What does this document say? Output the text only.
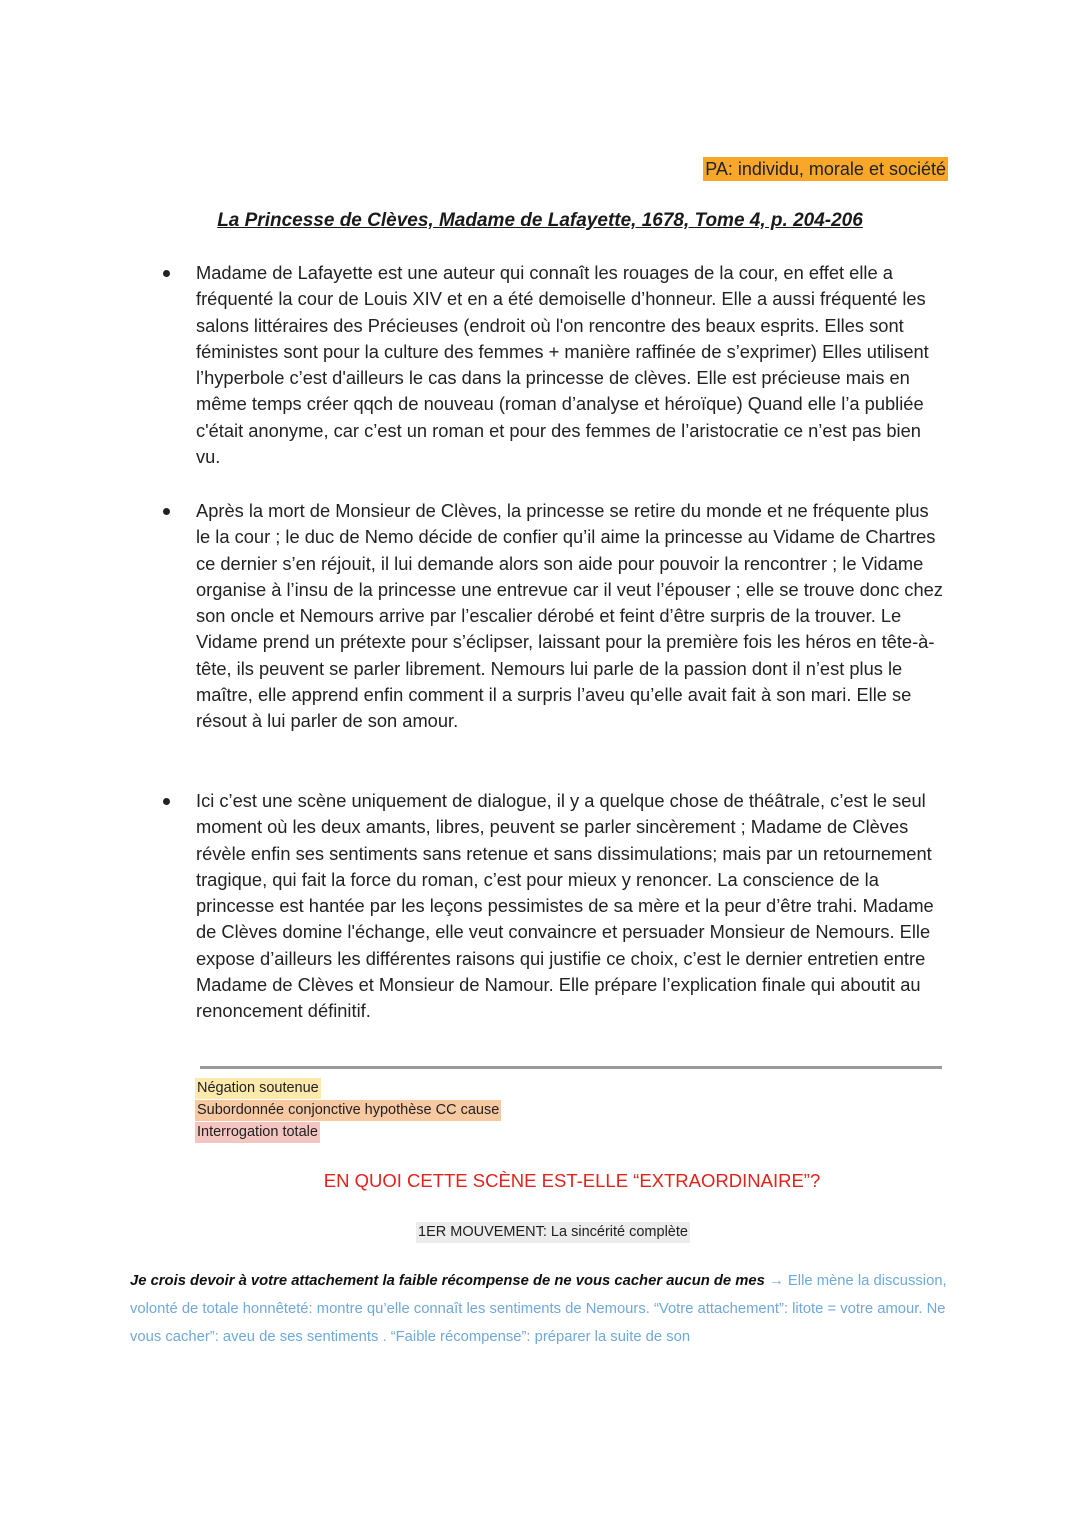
PA: individu, morale et société
La Princesse de Clèves, Madame de Lafayette, 1678, Tome 4, p. 204-206
Madame de Lafayette est une auteur qui connaît les rouages de la cour, en effet elle a fréquenté la cour de Louis XIV et en a été demoiselle d’honneur. Elle a aussi fréquenté les salons littéraires des Précieuses (endroit où l'on rencontre des beaux esprits. Elles sont féministes sont pour la culture des femmes + manière raffinée de s’exprimer) Elles utilisent l’hyperbole c’est d'ailleurs le cas dans la princesse de clèves. Elle est précieuse mais en même temps créer qqch de nouveau (roman d’analyse et héroïque) Quand elle l’a publiée c'était anonyme, car c’est un roman et pour des femmes de l’aristocratie ce n’est pas bien vu.
Après la mort de Monsieur de Clèves, la princesse se retire du monde et ne fréquente plus le la cour ; le duc de Nemo décide de confier qu’il aime la princesse au Vidame de Chartres ce dernier s’en réjouit, il lui demande alors son aide pour pouvoir la rencontrer ; le Vidame organise à l’insu de la princesse une entrevue car il veut l’épouser ; elle se trouve donc chez son oncle et Nemours arrive par l’escalier dérobé et feint d’être surpris de la trouver. Le Vidame prend un prétexte pour s’éclipser, laissant pour la première fois les héros en tête-à-tête, ils peuvent se parler librement. Nemours lui parle de la passion dont il n’est plus le maître, elle apprend enfin comment il a surpris l’aveu qu’elle avait fait à son mari. Elle se résout à lui parler de son amour.
Ici c’est une scène uniquement de dialogue, il y a quelque chose de théâtrale, c’est le seul moment où les deux amants, libres, peuvent se parler sincèrement ; Madame de Clèves révèle enfin ses sentiments sans retenue et sans dissimulations; mais par un retournement tragique, qui fait la force du roman, c’est pour mieux y renoncer. La conscience de la princesse est hantée par les leçons pessimistes de sa mère et la peur d’être trahi. Madame de Clèves domine l'échange, elle veut convaincre et persuader Monsieur de Nemours. Elle expose d’ailleurs les différentes raisons qui justifie ce choix, c’est le dernier entretien entre Madame de Clèves et Monsieur de Namour. Elle prépare l’explication finale qui aboutit au renoncement définitif.
Négation soutenue
Subordonnée conjonctive hypothèse CC cause
Interrogation totale
EN QUOI CETTE SCÈNE EST-ELLE “EXTRAORDINAIRE”?
1ER MOUVEMENT: La sincérité complète
Je crois devoir à votre attachement la faible récompense de ne vous cacher aucun de mes → Elle mène la discussion, volonté de totale honnêteté: montre qu’elle connaît les sentiments de Nemours. “Votre attachement”: litote = votre amour. Ne vous cacher”: aveu de ses sentiments . “Faible récompense”: préparer la suite de son
